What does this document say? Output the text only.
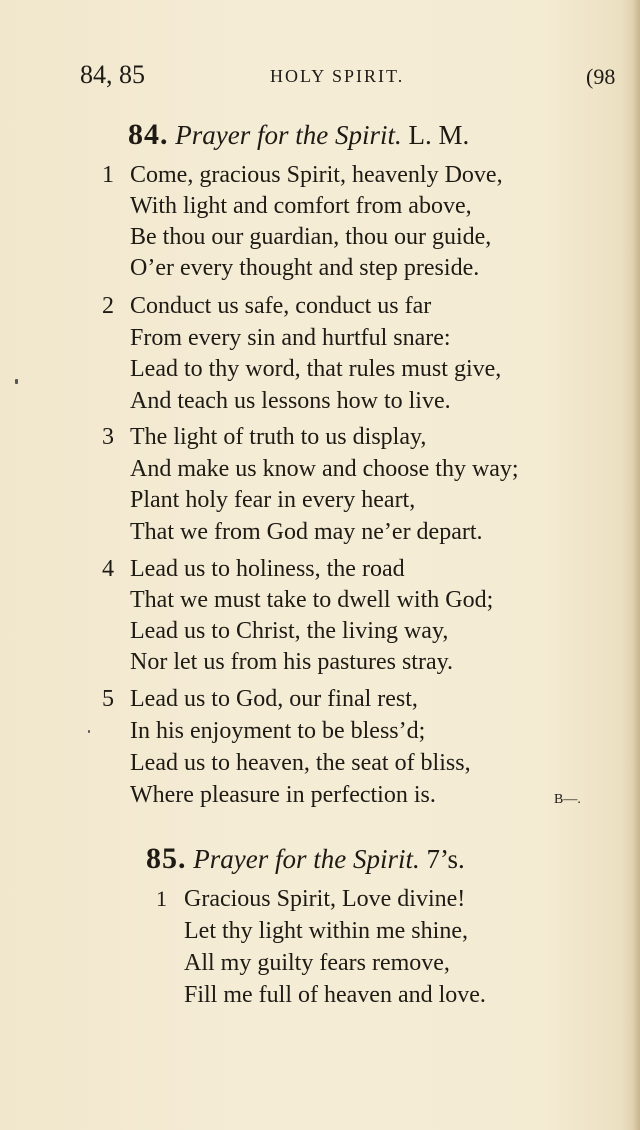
84, 85	HOLY SPIRIT.	(98
84. Prayer for the Spirit. L. M.
1 Come, gracious Spirit, heavenly Dove,
With light and comfort from above,
Be thou our guardian, thou our guide,
O’er every thought and step preside.
2 Conduct us safe, conduct us far
From every sin and hurtful snare:
Lead to thy word, that rules must give,
And teach us lessons how to live.
3 The light of truth to us display,
And make us know and choose thy way;
Plant holy fear in every heart,
That we from God may ne’er depart.
4 Lead us to holiness, the road
That we must take to dwell with God;
Lead us to Christ, the living way,
Nor let us from his pastures stray.
5 Lead us to God, our final rest,
In his enjoyment to be bless’d;
Lead us to heaven, the seat of bliss,
Where pleasure in perfection is.	B—.
85. Prayer for the Spirit. 7’s.
1 Gracious Spirit, Love divine!
Let thy light within me shine,
All my guilty fears remove,
Fill me full of heaven and love.
